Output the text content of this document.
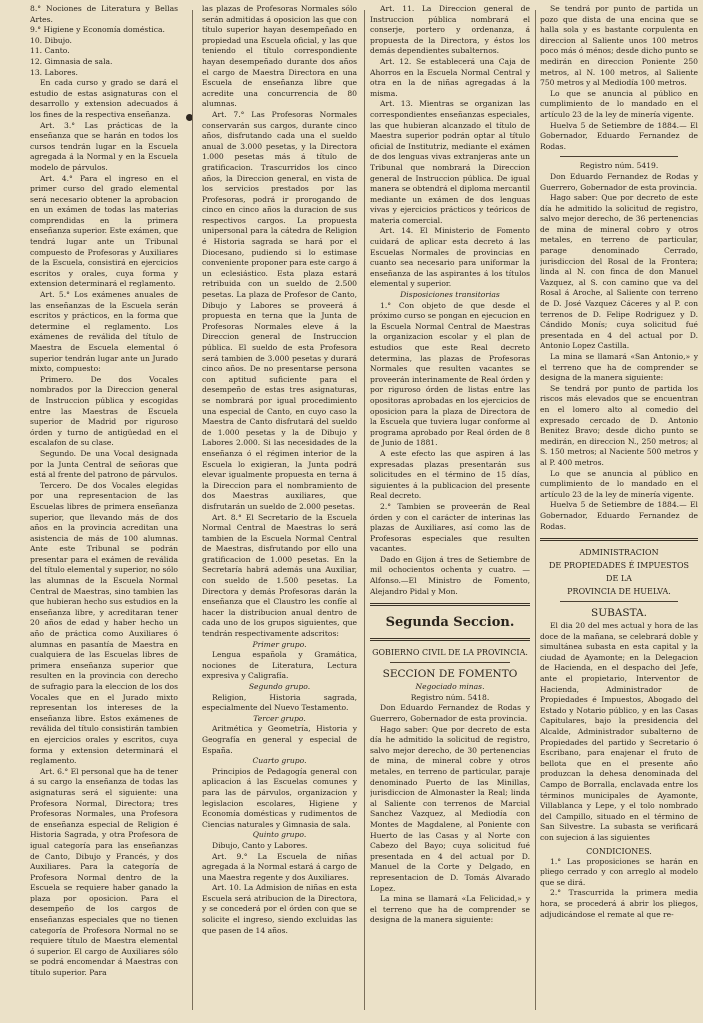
8.° Nociones de Literatura y Bellas Artes.

9.° Higiene y Economía doméstica.

10. Dibujo.

11. Canto.

12. Gimnasia de sala.

13. Labores.

En cada curso y grado se dará el estudio de estas asignaturas con el desarrollo y extension adecuados á los fines de la respectiva enseñanza.

Art. 3.° Las prácticas de la enseñanza que se harán en todos los cursos tendrán lugar en la Escuela agregada á la Normal y en la Escuela modelo de párvulos.

Art. 4.° Para el ingreso en el primer curso del grado elemental será necesario obtener la aprobacion en un exámen de todas las materias comprendidas en la primera enseñanza superior. Este exámen, que tendrá lugar ante un Tribunal compuesto de Profesoras y Auxiliares de la Escuela, consistirá en ejercicios escritos y orales, cuya forma y extension determinará el reglamento.

Art. 5.° Los exámenes anuales de las enseñanzas de la Escuela serán escritos y prácticos, en la forma que determine el reglamento. Los exámenes de reválida del título de Maestra de Escuela elemental ó superior tendrán lugar ante un Jurado mixto, compuesto:

Primero. De dos Vocales nombrados por la Direccion general de Instruccion pública y escogidas entre las Maestras de Escuela superior de Madrid por riguroso órden y turno de antigüedad en el escalafon de su clase.

Segundo. De una Vocal designada por la Junta Central de señoras que está al frente del patrono de párvulos.

Tercero. De dos Vocales elegidas por una representacion de las Escuelas libres de primera enseñanza superior, que llevando más de dos años en la provincia acreditan una asistencia de más de 100 alumnas. Ante este Tribunal se podrán presentar para el exámen de reválida del título elemental y superior, no sólo las alumnas de la Escuela Normal Central de Maestras, sino tambien las que hubieran hecho sus estudios en la enseñanza libre, y acreditaran tener 20 años de edad y haber hecho un año de práctica como Auxiliares ó alumnas en pasantía de Maestra en cualquiera de las Escuelas libres de primera enseñanza superior que resulten en la provincia con derecho de sufragio para la eleccion de los dos Vocales que en el Jurado mixto representan los intereses de la enseñanza libre. Estos exámenes de reválida del título consistirán tambien en ejercicios orales y escritos, cuya forma y extension determinará el reglamento.

Art. 6.° El personal que ha de tener á su cargo la enseñanza de todas las asignaturas será el siguiente: una Profesora Normal, Directora; tres Profesoras Normales, una Profesora de enseñanza especial de Religion é Historia Sagrada, y otra Profesora de igual categoría para las enseñanzas de Canto, Dibujo y Francés, y dos Auxiliares. Para la categoría de Profesora Normal dentro de la Escuela se requiere haber ganado la plaza por oposicion. Para el desempeño de los cargos de enseñanzas especiales que no tienen categoría de Profesora Normal no se requiere título de Maestra elemental ó superior. El cargo de Auxiliares sólo se podrá encomendar á Maestras con título superior. Para

las plazas de Profesoras Normales sólo serán admitidas á oposicion las que con título superior hayan desempeñado en propiedad una Escuela oficial, y las que teniendo el título correspondiente hayan desempeñado durante dos años el cargo de Maestra Directora en una Escuela de enseñanza libre que acredite una concurrencia de 80 alumnas.

Art. 7.° Las Profesoras Normales conservarán sus cargos, durante cinco años, disfrutando cada una el sueldo anual de 3.000 pesetas, y la Directora 1.000 pesetas más á título de gratificacion. Trascurridos los cinco años, la Direccion general, en vista de los servicios prestados por las Profesoras, podrá ir prorogando de cinco en cinco años la duracion de sus respectivos cargos. La propuesta unipersonal para la cátedra de Religion é Historia sagrada se hará por el Diocesano, pudiendo si lo estimase conveniente proponer para este cargo á un eclesiástico. Esta plaza estará retribuida con un sueldo de 2.500 pesetas. La plaza de Profesor de Canto, Dibujo y Labores se proveerá á propuesta en terna que la Junta de Profesoras Normales eleve á la Direccion general de Instruccion pública. El sueldo de esta Profesora será tambien de 3.000 pesetas y durará cinco años. De no presentarse persona con aptitud suficiente para el desempeño de estas tres asignaturas, se nombrará por igual procedimiento una especial de Canto, en cuyo caso la Maestra de Canto disfrutará del sueldo de 1.000 pesetas y la de Dibujo y Labores 2.000. Si las necesidades de la enseñanza ó el régimen interior de la Escuela lo exigieran, la Junta podrá elevar igualmente propuesta en terna á la Direccion para el nombramiento de dos Maestras auxiliares, que disfrutarán un sueldo de 2.000 pesetas.

Art. 8.° El Secretario de la Escuela Normal Central de Maestras lo será tambien de la Escuela Normal Central de Maestras, disfrutando por ello una gratificacion de 1.000 pesetas. En la Secretaría habrá además una Auxiliar, con sueldo de 1.500 pesetas. La Directora y demás Profesoras darán la enseñanza que el Claustro les confíe al hacer la distribucion anual dentro de cada uno de los grupos siguientes, que tendrán respectivamente adscritos:

Primer grupo.

Lengua española y Gramática, nociones de Literatura, Lectura expresiva y Caligrafía.

Segundo grupo.

Religion, Historia sagrada, especialmente del Nuevo Testamento.

Tercer grupo.

Aritmética y Geometría, Historia y Geografía en general y especial de España.

Cuarto grupo.

Principios de Pedagogía general con aplicacion á las Escuelas comunes y para las de párvulos, organizacion y legislacion escolares, Higiene y Economía domésticas y rudimentos de Ciencias naturales y Gimnasia de sala.

Quinto grupo.

Dibujo, Canto y Labores.

Art. 9.° La Escuela de niñas agregada á la Normal estará á cargo de una Maestra regente y dos Auxiliares.

Art. 10. La Admision de niñas en esta Escuela será atribucion de la Directora, y se concederá por el órden con que se solicite el ingreso, siendo excluidas las que pasen de 14 años.

Art. 11. La Direccion general de Instruccion pública nombrará el conserje, portero y ordenanza, á propuesta de la Directora, y éstos los demás dependientes subalternos.

Art. 12. Se establecerá una Caja de Ahorros en la Escuela Normal Central y otra en la de niñas agregadas á la misma.

Art. 13. Mientras se organizan las correspondientes enseñanzas especiales, las que hubieran alcanzado el título de Maestra superior podrán optar al título oficial de Institutriz, mediante el exámen de dos lenguas vivas extranjeras ante un Tribunal que nombrará la Direccion general de Instruccion pública. De igual manera se obtendrá el diploma mercantil mediante un exámen de dos lenguas vivas y ejercicios prácticos y teóricos de materia comercial.

Art. 14. El Ministerio de Fomento cuidará de aplicar esta decreto á las Escuelas Normales de provincias en cuanto sea necesario para uniformar la enseñanza de las aspirantes á los títulos elemental y superior.

Disposiciones transitorias

1.° Con objeto de que desde el próximo curso se pongan en ejecucion en la Escuela Normal Central de Maestras la organizacion escolar y el plan de estudios que este Real decreto determina, las plazas de Profesoras Normales que resulten vacantes se proveerán interinamente de Real órden y por riguroso órden de listas entre las opositoras aprobadas en los ejercicios de oposicion para la plaza de Directora de la Escuela que tuviera lugar conforme al programa aprobado por Real órden de 8 de Junio de 1881.

A este efecto las que aspiren á las expresadas plazas presentarán sus solicitudes en el término de 15 días, siguientes á la publicacion del presente Real decreto.

2.° Tambien se proveerán de Real órden y con el carácter de interinas las plazas de Auxiliares, así como las de Profesoras especiales que resulten vacantes.

Dado en Gijon á tres de Setiembre de mil ochocientos ochenta y cuatro. —Alfonso.—El Ministro de Fomento, Alejandro Pidal y Mon.

Segunda Seccion.

GOBIERNO CIVIL DE LA PROVINCIA.

SECCION DE FOMENTO

Negociado minas.

Registro núm. 5418.

Don Eduardo Fernandez de Rodas y Guerrero, Gobernador de esta provincia.

Hago saber: Que por decreto de esta día he admitido la solicitud de registro, salvo mejor derecho, de 30 pertenencias de mina, de mineral cobre y otros metales, en terreno de particular, paraje denominado Puerto de las Minillas, jurisdiccion de Almonaster la Real; linda al Saliente con terrenos de Marcial Sanchez Vazquez, al Mediodía con Montes de Magdalene, al Poniente con Huerto de las Casas y al Norte con Cabezo del Bayo; cuya solicitud fué presentada en 4 del actual por D. Manuel de la Corte y Delgado, en representacion de D. Tomás Alvarado Lopez.

La mina se llamará «La Felicidad,» y el terreno que ha de comprender se designa de la manera siguiente:

Se tendrá por punto de partida un pozo que dista de una encina que se halla sola y es bastante corpulenta en direccion al Saliente unos 100 metros poco más ó ménos; desde dicho punto se medirán en direccion Poniente 250 metros, al N. 100 metros, al Saliente 750 metros y al Mediodía 100 metros.

Lo que se anuncia al público en cumplimiento de lo mandado en el artículo 23 de la ley de minería vigente.

Huelva 5 de Setiembre de 1884.— El Gobernador, Eduardo Fernandez de Rodas.

Registro núm. 5419.

Don Eduardo Fernandez de Rodas y Guerrero, Gobernador de esta provincia.

Hago saber: Que por decreto de este día he admitido la solicitud de registro, salvo mejor derecho, de 36 pertenencias de mina de mineral cobro y otros metales, en terreno de particular, parage denominado Cerrado, jurisdiccion del Rosal de la Frontera; linda al N. con finca de don Manuel Vazquez, al S. con camino que va del Rosal á Aroche, al Saliente con terreno de D. José Vazquez Cáceres y al P. con terrenos de D. Felipe Rodriguez y D. Cándido Monís; cuya solicitud fué presentada en 4 del actual por D. Antonio Lopez Castilla.

La mina se llamará «San Antonio,» y el terreno que ha de comprender se designa de la manera siguiente:

Se tendrá por punto de partida los riscos más elevados que se encuentran en el lomero alto al comedio del expresado cercado de D. Antonio Benitez Bravo; desde dicho punto se medirán, en direccion N., 250 metros; al S. 150 metros; al Naciente 500 metros y al P. 400 metros.

Lo que se anuncia al público en cumplimiento de lo mandado en el artículo 23 de la ley de minería vigente.

Huelva 5 de Setiembre de 1884.— El Gobernador, Eduardo Fernandez de Rodas.

ADMINISTRACION

DE PROPIEDADES É IMPUESTOS

DE LA

PROVINCIA DE HUELVA.

SUBASTA.

El dia 20 del mes actual y hora de las doce de la mañana, se celebrará doble y simultánea subasta en esta capital y la ciudad de Ayamonte; en la Delegacion de Hacienda, en el despacho del Jefe, ante el propietario, Interventor de Hacienda, Administrador de Propiedades é Impuestos, Abogado del Estado y Notario público, y en las Casas Capitulares, bajo la presidencia del Alcalde, Administrador subalterno de Propiedades del partido y Secretario ó Escribano, para enajenar el fruto de bellota que en el presente año produzcan la dehesa denominada del Campo de Borralla, enclavada entre los términos municipales de Ayamonte, Villablanca y Lepe, y el tolo nombrado del Campillo, situado en el término de San Silvestre. La subasta se verificará con sujecion á las siguientes

CONDICIONES.

1.° Las proposiciones se harán en pliego cerrado y con arreglo al modelo que se dirá.

2.° Trascurrida la primera media hora, se procederá á abrir los pliegos, adjudicándose el remate al que re-
